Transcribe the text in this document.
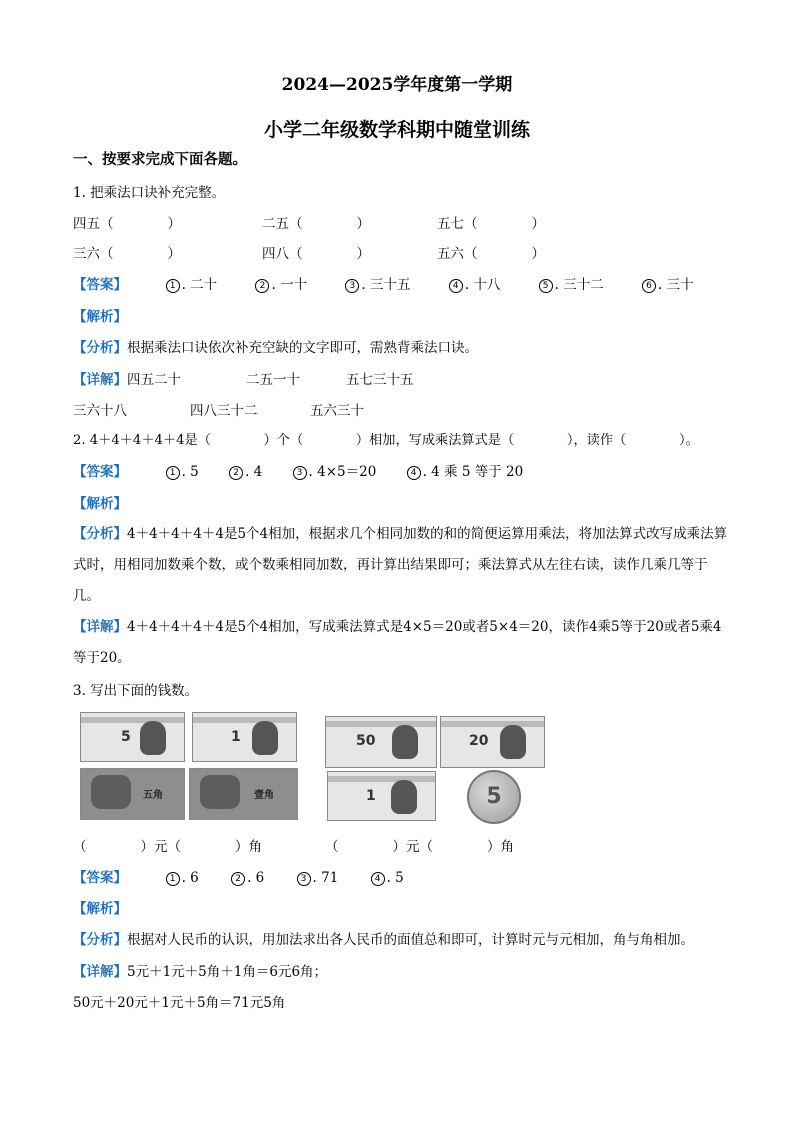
2024—2025学年度第一学期
小学二年级数学科期中随堂训练
一、按要求完成下面各题。
1. 把乘法口诀补充完整。
四五（　　　　）	二五（　　　　）	五七（　　　　）
三六（　　　　）	四八（　　　　）	五六（　　　　）
【答案】	1 . 二十	2 . 一十	3 . 三十五	4 . 十八	5 . 三十二	6 . 三十
【解析】
【分析】根据乘法口诀依次补充空缺的文字即可，需熟背乘法口诀。
【详解】四五二十	二五一十	五七三十五
三六十八	四八三十二	五六三十
2. 4＋4＋4＋4＋4是（　　　　）个（　　　　）相加，写成乘法算式是（　　　　），读作（　　　　）。
【答案】	1 . 5	2 . 4	3 . 4×5＝20	4 . 4 乘 5 等于 20
【解析】
【分析】4＋4＋4＋4＋4是5个4相加，根据求几个相同加数的和的简便运算用乘法，将加法算式改写成乘法算式时，用相同加数乘个数，或个数乘相同加数，再计算出结果即可；乘法算式从左往右读，读作几乘几等于几。
【详解】4＋4＋4＋4＋4是5个4相加，写成乘法算式是4×5＝20或者5×4＝20，读作4乘5等于20或者5乘4等于20。
3. 写出下面的钱数。
5	1
五角	壹角
50	20
1	5
（　　　　）元（　　　　）角	（　　　　）元（　　　　）角
【答案】	1 . 6	2 . 6	3 . 71	4 . 5
【解析】
【分析】根据对人民币的认识，用加法求出各人民币的面值总和即可，计算时元与元相加，角与角相加。
【详解】5元＋1元＋5角＋1角＝6元6角；
50元＋20元＋1元＋5角＝71元5角
